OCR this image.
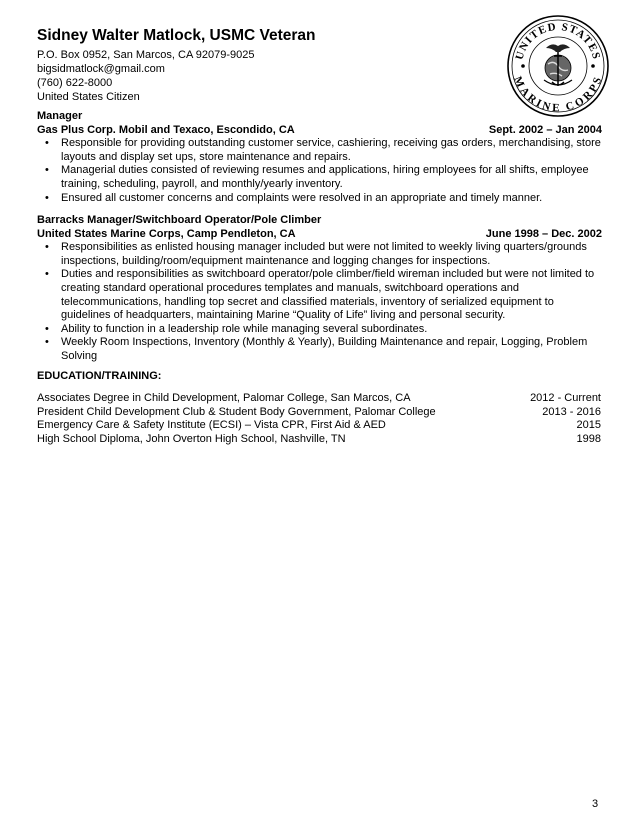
Sidney Walter Matlock, USMC Veteran
P.O. Box 0952, San Marcos, CA 92079-9025
bigsidmatlock@gmail.com
(760) 622-8000
United States Citizen
UNITED STATES
MARINE CORPS
Manager
Gas Plus Corp. Mobil and Texaco, Escondido, CA	Sept. 2002 – Jan 2004
• Responsible for providing outstanding customer service, cashiering, receiving gas orders, merchandising, store layouts and display set ups, store maintenance and repairs.
• Managerial duties consisted of reviewing resumes and applications, hiring employees for all shifts, employee training, scheduling, payroll, and monthly/yearly inventory.
• Ensured all customer concerns and complaints were resolved in an appropriate and timely manner.
Barracks Manager/Switchboard Operator/Pole Climber
United States Marine Corps, Camp Pendleton, CA	June 1998 – Dec. 2002
• Responsibilities as enlisted housing manager included but were not limited to weekly living quarters/grounds inspections, building/room/equipment maintenance and logging changes for inspections.
• Duties and responsibilities as switchboard operator/pole climber/field wireman included but were not limited to creating standard operational procedures templates and manuals, switchboard operations and telecommunications, handling top secret and classified materials, inventory of serialized equipment to guidelines of headquarters, maintaining Marine “Quality of Life” living and personal security.
• Ability to function in a leadership role while managing several subordinates.
• Weekly Room Inspections, Inventory (Monthly & Yearly), Building Maintenance and repair, Logging, Problem Solving
EDUCATION/TRAINING:
Associates Degree in Child Development, Palomar College, San Marcos, CA	2012 - Current
President Child Development Club & Student Body Government, Palomar College	2013 - 2016
Emergency Care & Safety Institute (ECSI) – Vista CPR, First Aid & AED	2015
High School Diploma, John Overton High School, Nashville, TN	1998
3
